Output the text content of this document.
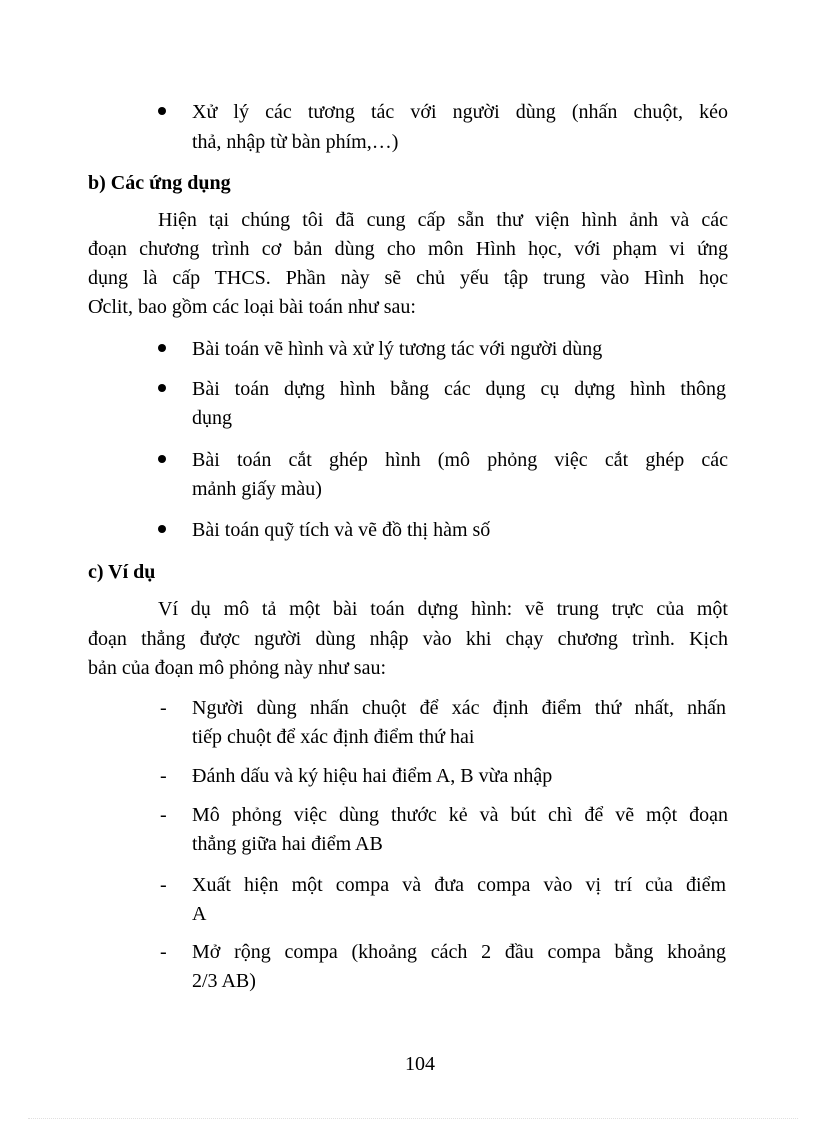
Xử lý các tương tác với người dùng (nhấn chuột, kéo
thả, nhập từ bàn phím,…)
b) Các ứng dụng
Hiện tại chúng tôi đã cung cấp sẵn thư viện hình ảnh và các
đoạn chương trình cơ bản dùng cho môn Hình học, với phạm vi ứng
dụng là cấp THCS. Phần này sẽ chủ yếu tập trung vào Hình học
Ơclit, bao gồm các loại bài toán như sau:
Bài toán vẽ hình và xử lý tương tác với người dùng
Bài toán dựng hình bằng các dụng cụ dựng hình thông
dụng
Bài toán cắt ghép hình (mô phỏng việc cắt ghép các
mảnh giấy màu)
Bài toán quỹ tích và vẽ đồ thị hàm số
c) Ví dụ
Ví dụ mô tả một bài toán dựng hình: vẽ trung trực của một
đoạn thẳng được người dùng nhập vào khi chạy chương trình. Kịch
bản của đoạn mô phỏng này như sau:
- Người dùng nhấn chuột để xác định điểm thứ nhất, nhấn
tiếp chuột để xác định điểm thứ hai
- Đánh dấu và ký hiệu hai điểm A, B vừa nhập
- Mô phỏng việc dùng thước kẻ và bút chì để vẽ một đoạn
thẳng giữa hai điểm AB
- Xuất hiện một compa và đưa compa vào vị trí của điểm
A
- Mở rộng compa (khoảng cách 2 đầu compa bằng khoảng
2/3 AB)
104
